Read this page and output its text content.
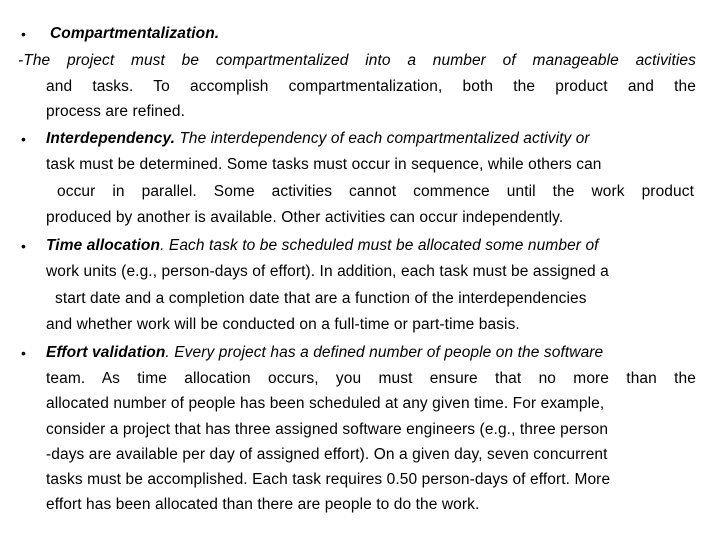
• Compartmentalization.
-The project must be compartmentalized into a number of manageable activities
and tasks. To accomplish compartmentalization, both the product and the
process are refined.
• Interdependency. The interdependency of each compartmentalized activity or
task must be determined. Some tasks must occur in sequence, while others can
occur in parallel. Some activities cannot commence until the work product
produced by another is available. Other activities can occur independently.
• Time allocation. Each task to be scheduled must be allocated some number of
work units (e.g., person-days of effort). In addition, each task must be assigned a
start date and a completion date that are a function of the interdependencies
and whether work will be conducted on a full-time or part-time basis.
• Effort validation. Every project has a defined number of people on the software
team. As time allocation occurs, you must ensure that no more than the
allocated number of people has been scheduled at any given time. For example,
consider a project that has three assigned software engineers (e.g., three person
-days are available per day of assigned effort). On a given day, seven concurrent
tasks must be accomplished. Each task requires 0.50 person-days of effort. More
effort has been allocated than there are people to do the work.
